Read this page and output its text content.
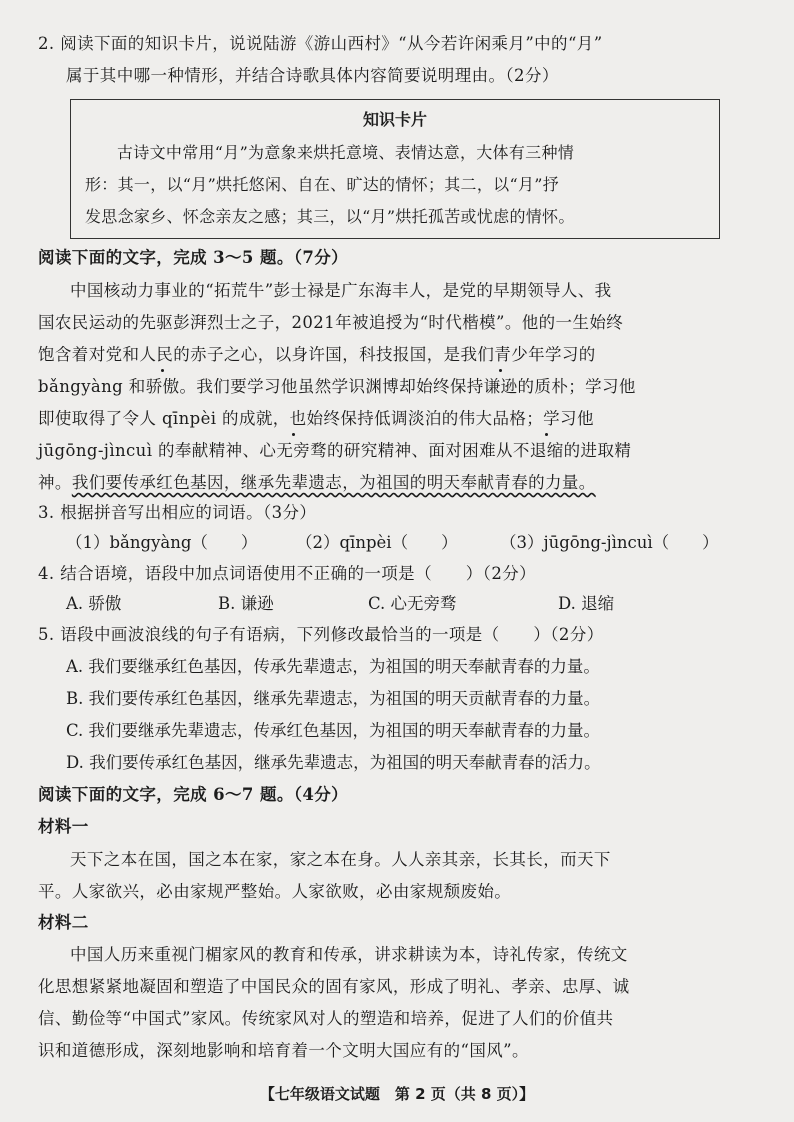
2. 阅读下面的知识卡片，说说陆游《游山西村》“从今若许闲乘月”中的“月”
属于其中哪一种情形，并结合诗歌具体内容简要说明理由。（2分）
知识卡片
古诗文中常用“月”为意象来烘托意境、表情达意，大体有三种情
形：其一，以“月”烘托悠闲、自在、旷达的情怀；其二，以“月”抒
发思念家乡、怀念亲友之感；其三，以“月”烘托孤苦或忧虑的情怀。
阅读下面的文字，完成 3～5 题。（7分）
中国核动力事业的“拓荒牛”彭士禄是广东海丰人，是党的早期领导人、我
国农民运动的先驱彭湃烈士之子，2021年被追授为“时代楷模”。他的一生始终
饱含着对党和人民的赤子之心，以身许国，科技报国，是我们青少年学习的
bǎngyàng 和骄傲。我们要学习他虽然学识渊博却始终保持谦逊的质朴；学习他
即使取得了令人 qīnpèi 的成就，也始终保持低调淡泊的伟大品格；学习他
jūgōng-jìncuì 的奉献精神、心无旁骛的研究精神、面对困难从不退缩的进取精
神。我们要传承红色基因，继承先辈遗志，为祖国的明天奉献青春的力量。
3. 根据拼音写出相应的词语。（3分）
（1）bǎngyàng（　　） （2）qīnpèi（　　）	（3）jūgōng-jìncuì（　　）
4. 结合语境，语段中加点词语使用不正确的一项是（　　）（2分）
A. 骄傲	B. 谦逊	C. 心无旁骛	D. 退缩
5. 语段中画波浪线的句子有语病，下列修改最恰当的一项是（　　）（2分）
A. 我们要继承红色基因，传承先辈遗志，为祖国的明天奉献青春的力量。
B. 我们要传承红色基因，继承先辈遗志，为祖国的明天贡献青春的力量。
C. 我们要继承先辈遗志，传承红色基因，为祖国的明天奉献青春的力量。
D. 我们要传承红色基因，继承先辈遗志，为祖国的明天奉献青春的活力。
阅读下面的文字，完成 6～7 题。（4分）
材料一
天下之本在国，国之本在家，家之本在身。人人亲其亲，长其长，而天下
平。人家欲兴，必由家规严整始。人家欲败，必由家规颓废始。
材料二
中国人历来重视门楣家风的教育和传承，讲求耕读为本，诗礼传家，传统文
化思想紧紧地凝固和塑造了中国民众的固有家风，形成了明礼、孝亲、忠厚、诚
信、勤俭等“中国式”家风。传统家风对人的塑造和培养，促进了人们的价值共
识和道德形成，深刻地影响和培育着一个文明大国应有的“国风”。
【七年级语文试题　第 2 页（共 8 页）】
